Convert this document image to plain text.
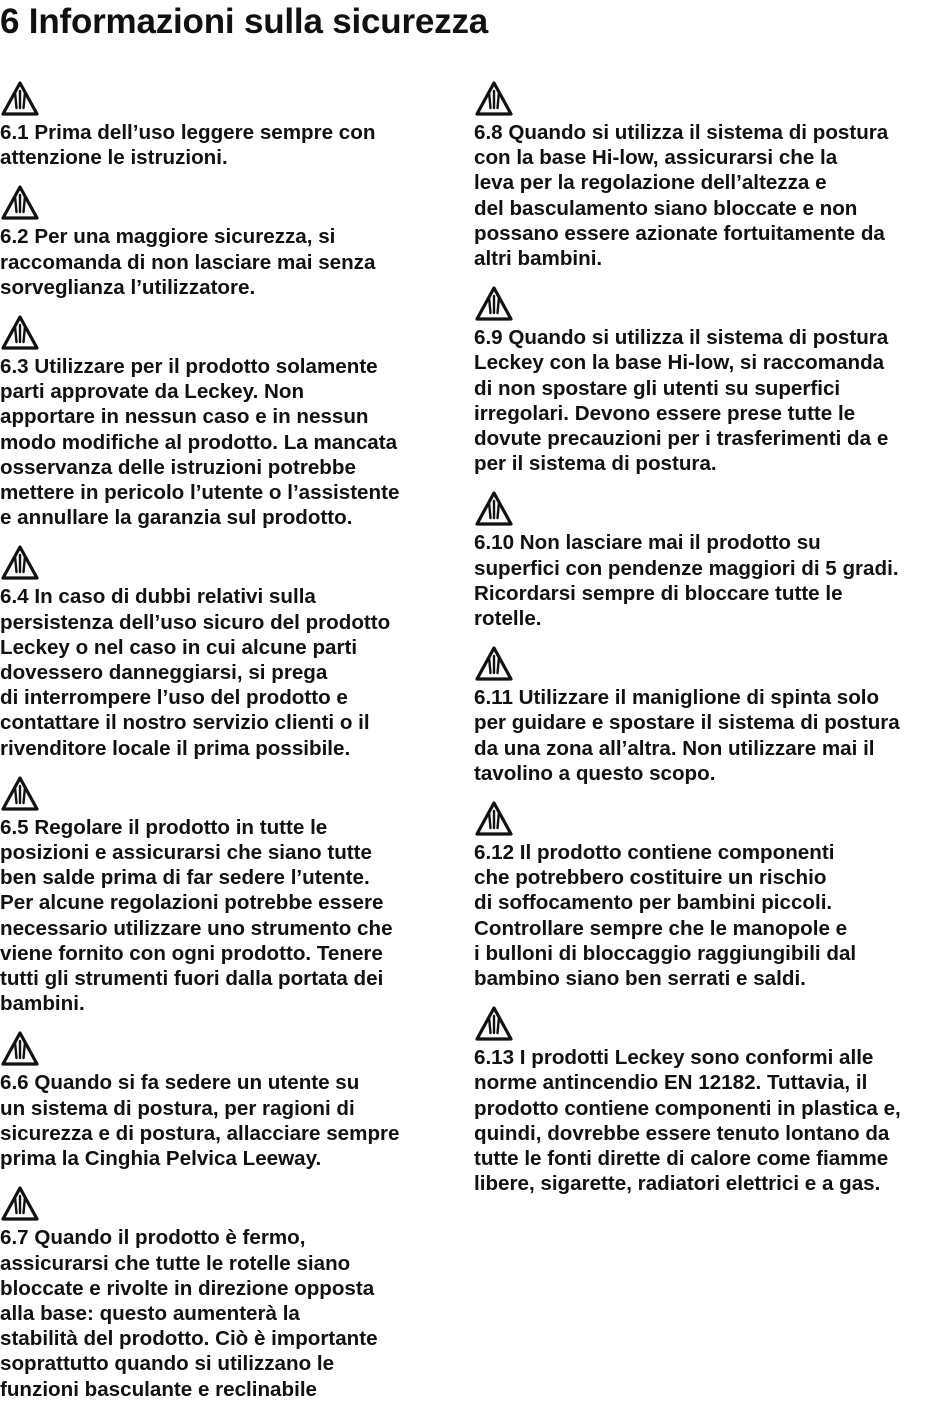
6 Informazioni sulla sicurezza

6.1 Prima dell’uso leggere sempre con
attenzione le istruzioni.

6.2 Per una maggiore sicurezza, si
raccomanda di non lasciare mai senza
sorveglianza l’utilizzatore.

6.3 Utilizzare per il prodotto solamente
parti approvate da Leckey. Non
apportare in nessun caso e in nessun
modo modifiche al prodotto. La mancata
osservanza delle istruzioni potrebbe
mettere in pericolo l’utente o l’assistente
e annullare la garanzia sul prodotto.

6.4 In caso di dubbi relativi sulla
persistenza dell’uso sicuro del prodotto
Leckey o nel caso in cui alcune parti
dovessero danneggiarsi, si prega
di interrompere l’uso del prodotto e
contattare il nostro servizio clienti o il
rivenditore locale il prima possibile.

6.5 Regolare il prodotto in tutte le
posizioni e assicurarsi che siano tutte
ben salde prima di far sedere l’utente.
Per alcune regolazioni potrebbe essere
necessario utilizzare uno strumento che
viene fornito con ogni prodotto. Tenere
tutti gli strumenti fuori dalla portata dei
bambini.

6.6 Quando si fa sedere un utente su
un sistema di postura, per ragioni di
sicurezza e di postura, allacciare sempre
prima la Cinghia Pelvica Leeway.

6.7 Quando il prodotto è fermo,
assicurarsi che tutte le rotelle siano
bloccate e rivolte in direzione opposta
alla base: questo aumenterà la
stabilità del prodotto. Ciò è importante
soprattutto quando si utilizzano le
funzioni basculante e reclinabile

6.8 Quando si utilizza il sistema di postura
con la base Hi-low, assicurarsi che la
leva per la regolazione dell’altezza e
del basculamento siano bloccate e non
possano essere azionate fortuitamente da
altri bambini.

6.9 Quando si utilizza il sistema di postura
Leckey con la base Hi-low, si raccomanda
di non spostare gli utenti su superfici
irregolari. Devono essere prese tutte le
dovute precauzioni per i trasferimenti da e
per il sistema di postura.

6.10 Non lasciare mai il prodotto su
superfici con pendenze maggiori di 5 gradi.
Ricordarsi sempre di bloccare tutte le
rotelle.

6.11 Utilizzare il maniglione di spinta solo
per guidare e spostare il sistema di postura
da una zona all’altra. Non utilizzare mai il
tavolino a questo scopo.

6.12 Il prodotto contiene componenti
che potrebbero costituire un rischio
di soffocamento per bambini piccoli.
Controllare sempre che le manopole e
i bulloni di bloccaggio raggiungibili dal
bambino siano ben serrati e saldi.

6.13 I prodotti Leckey sono conformi alle
norme antincendio EN 12182. Tuttavia, il
prodotto contiene componenti in plastica e,
quindi, dovrebbe essere tenuto lontano da
tutte le fonti dirette di calore come fiamme
libere, sigarette, radiatori elettrici e a gas.
